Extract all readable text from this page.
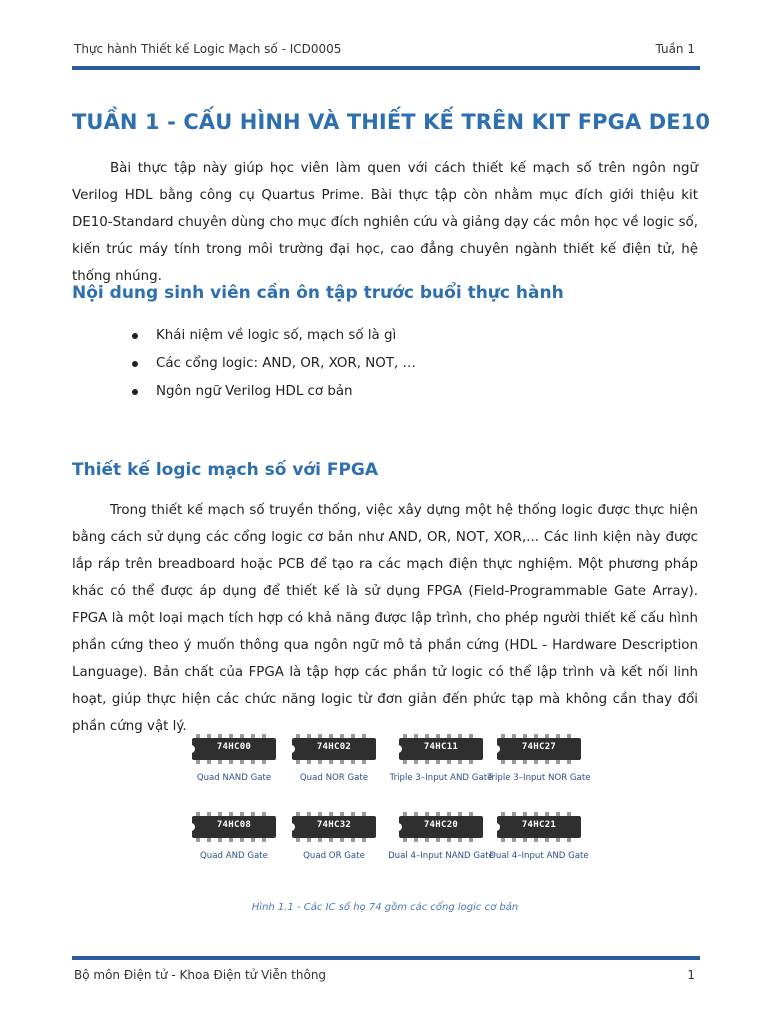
Thực hành Thiết kế Logic Mạch số - ICD0005	Tuần 1
TUẦN 1 - CẤU HÌNH VÀ THIẾT KẾ TRÊN KIT FPGA DE10

Bài thực tập này giúp học viên làm quen với cách thiết kế mạch số trên ngôn ngữ Verilog HDL bằng công cụ Quartus Prime. Bài thực tập còn nhằm mục đích giới thiệu kit DE10-Standard chuyên dùng cho mục đích nghiên cứu và giảng dạy các môn học về logic số, kiến trúc máy tính trong môi trường đại học, cao đẳng chuyên ngành thiết kế điện tử, hệ thống nhúng.

Nội dung sinh viên cần ôn tập trước buổi thực hành
Khái niệm về logic số, mạch số là gì
Các cổng logic: AND, OR, XOR, NOT, …
Ngôn ngữ Verilog HDL cơ bản
Thiết kế logic mạch số với FPGA

Trong thiết kế mạch số truyền thống, việc xây dựng một hệ thống logic được thực hiện bằng cách sử dụng các cổng logic cơ bản như AND, OR, NOT, XOR,... Các linh kiện này được lắp ráp trên breadboard hoặc PCB để tạo ra các mạch điện thực nghiệm. Một phương pháp khác có thể được áp dụng để thiết kế là sử dụng FPGA (Field-Programmable Gate Array). FPGA là một loại mạch tích hợp có khả năng được lập trình, cho phép người thiết kế cấu hình phần cứng theo ý muốn thông qua ngôn ngữ mô tả phần cứng (HDL - Hardware Description Language). Bản chất của FPGA là tập hợp các phần tử logic có thể lập trình và kết nối linh hoạt, giúp thực hiện các chức năng logic từ đơn giản đến phức tạp mà không cần thay đổi phần cứng vật lý.

74HC00
Quad NAND Gate
74HC02
Quad NOR Gate
74HC11
Triple 3–Input AND Gate
74HC27
Triple 3–Input NOR Gate
74HC08
Quad AND Gate
74HC32
Quad OR Gate
74HC20
Dual 4–Input NAND Gate
74HC21
Dual 4–Input AND Gate
Hình 1.1 - Các IC số họ 74 gồm các cổng logic cơ bản
Bộ môn Điện tử - Khoa Điện tử Viễn thông	1
